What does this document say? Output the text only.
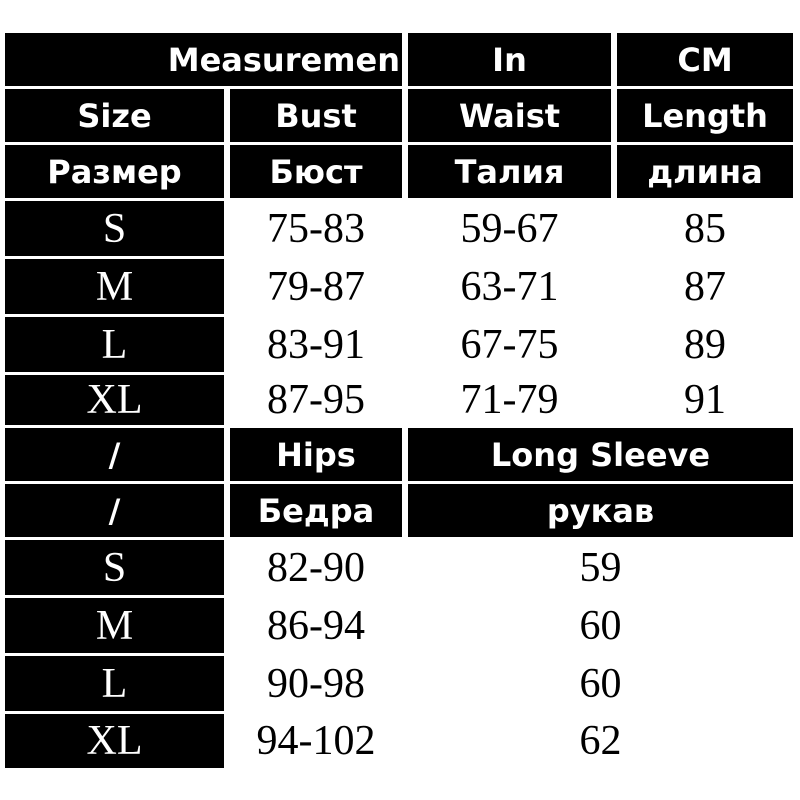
Measuremen	In	CM
Size	Bust	Waist	Length
Размер	Бюст	Талия	длина
S	75-83	59-67	85
M	79-87	63-71	87
L	83-91	67-75	89
XL	87-95	71-79	91
/	Hips	Long Sleeve
/	Бедра	рукав
S	82-90	59
M	86-94	60
L	90-98	60
XL	94-102	62
